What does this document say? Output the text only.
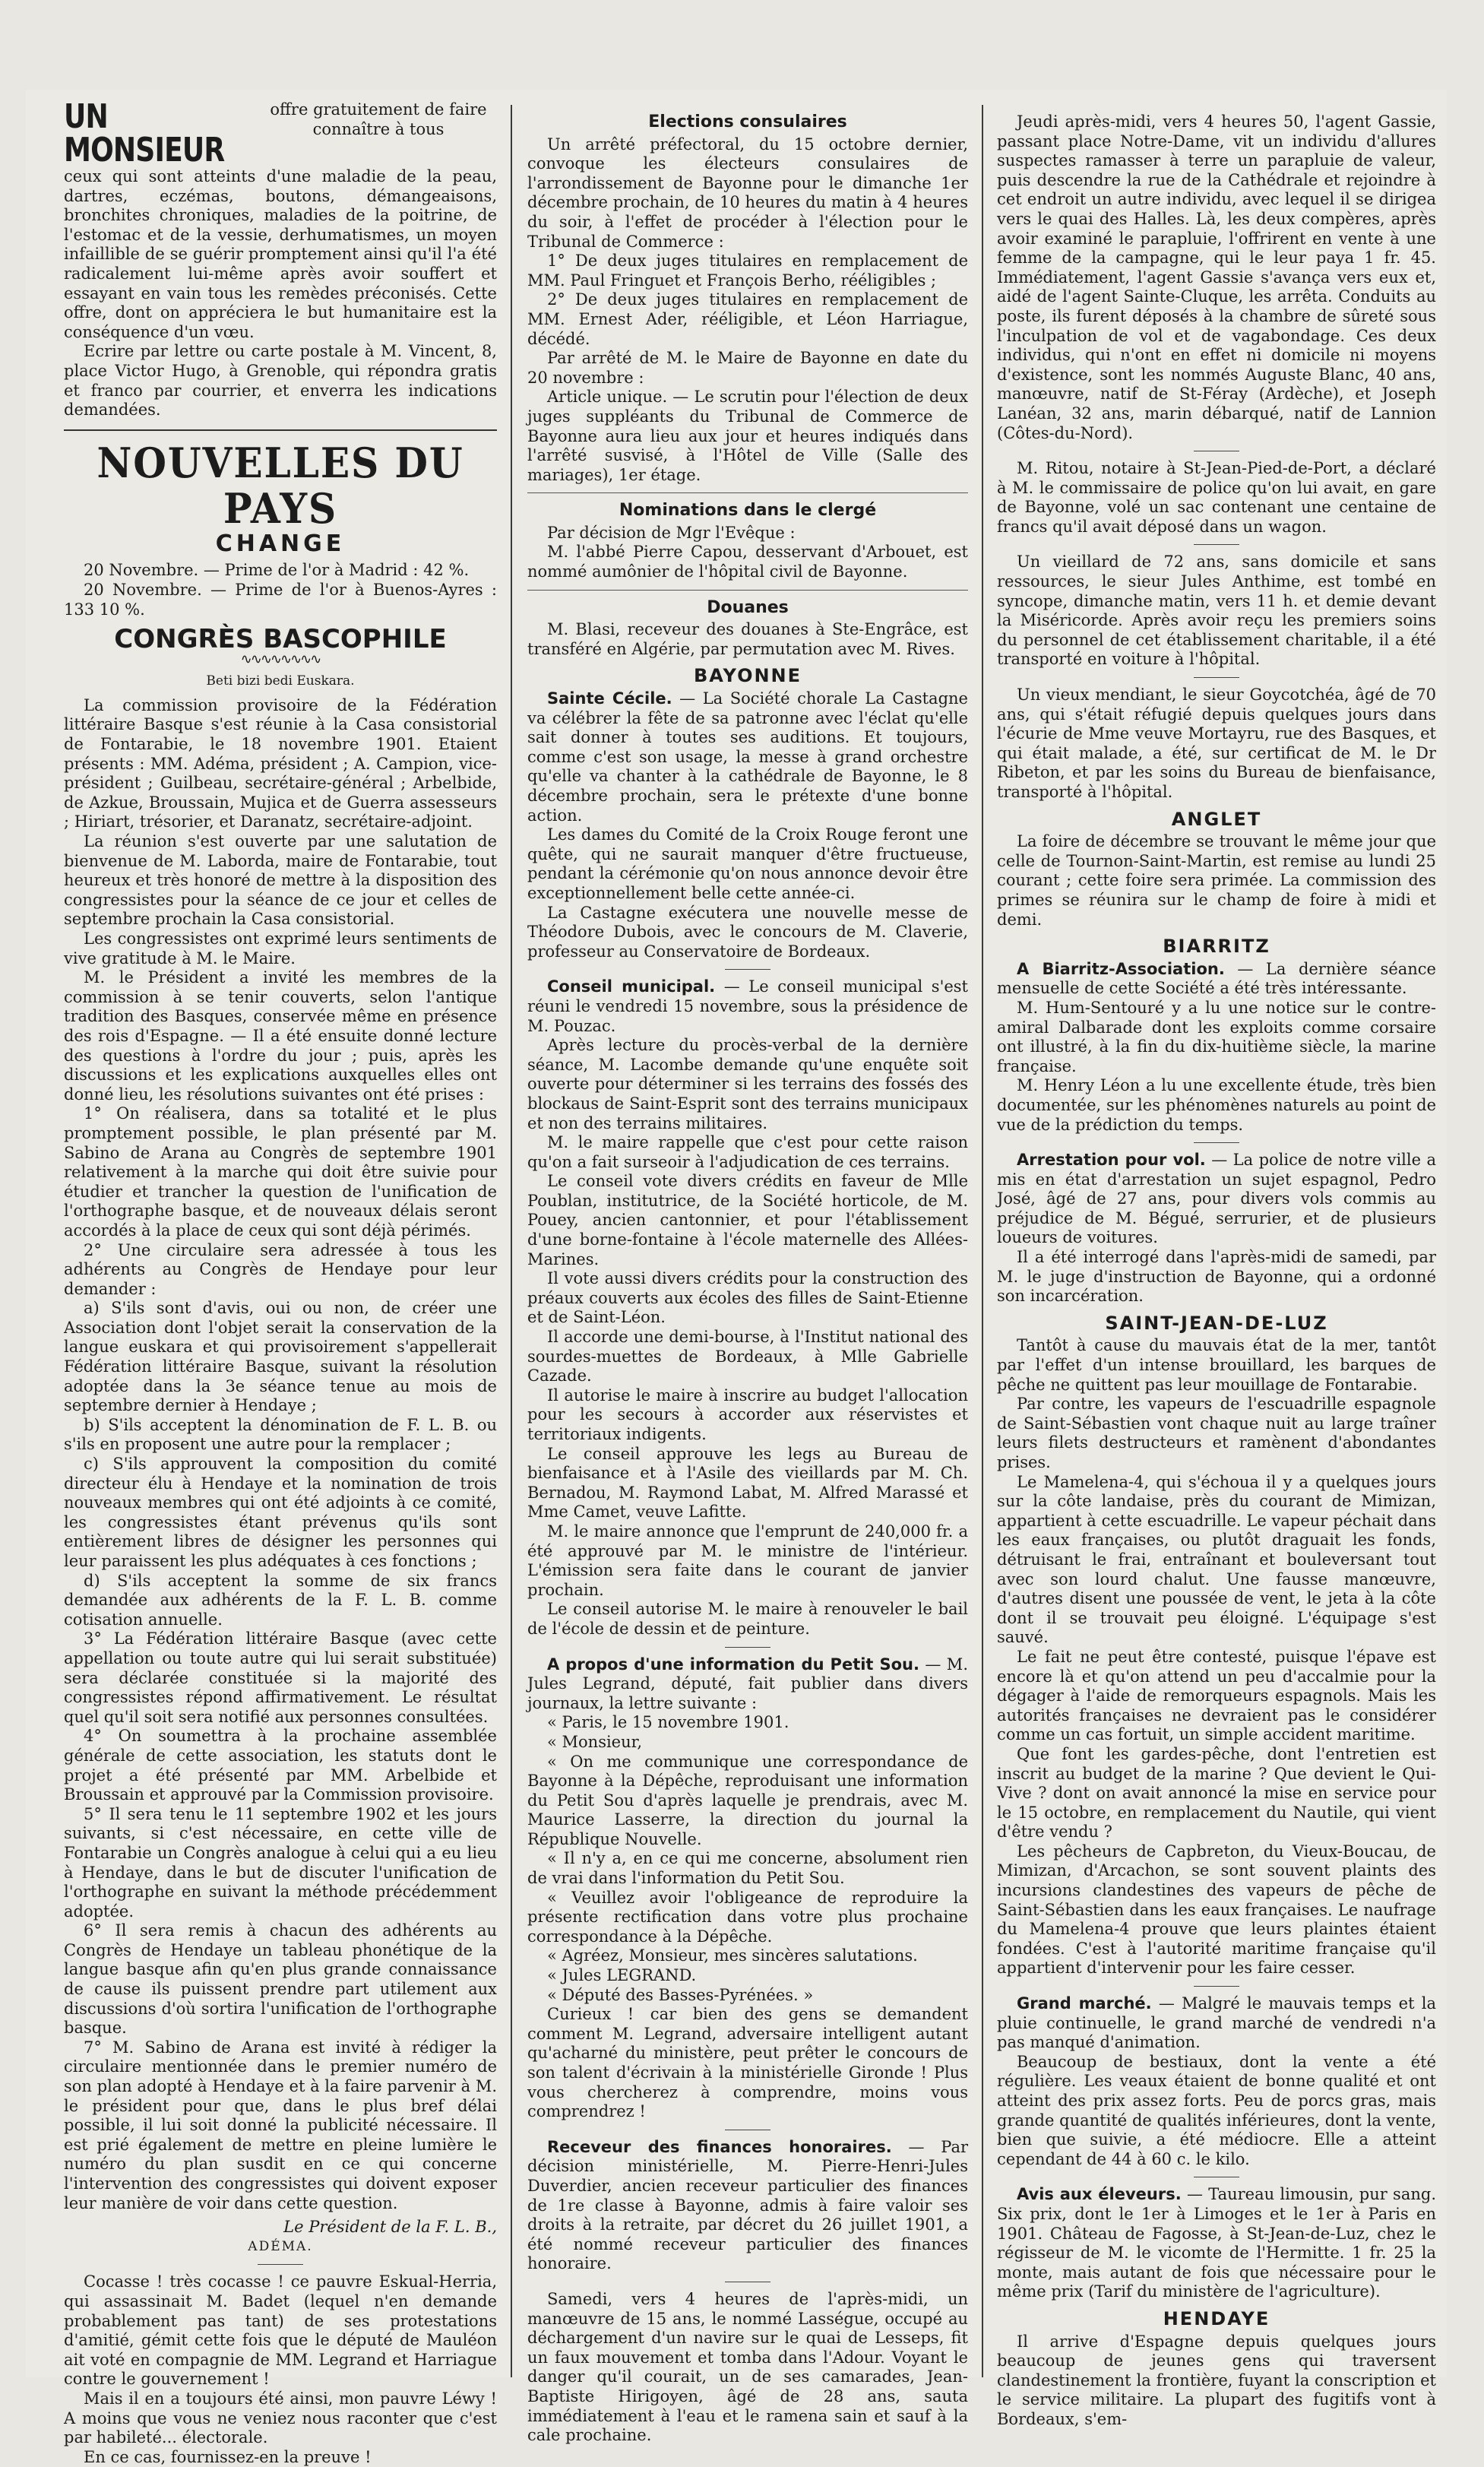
UN MONSIEUR

offre gratuitement de faire connaître à tous

ceux qui sont atteints d'une maladie de la peau, dartres, eczémas, boutons, démangeaisons, bronchites chroniques, maladies de la poitrine, de l'estomac et de la vessie, derhumatismes, un moyen infaillible de se guérir promptement ainsi qu'il l'a été radicalement lui-même après avoir souffert et essayant en vain tous les remèdes préconisés. Cette offre, dont on appréciera le but humanitaire est la conséquence d'un vœu.

Ecrire par lettre ou carte postale à M. Vincent, 8, place Victor Hugo, à Grenoble, qui répondra gratis et franco par courrier, et enverra les indications demandées.

NOUVELLES DU PAYS
CHANGE

20 Novembre. — Prime de l'or à Madrid : 42 %.

20 Novembre. — Prime de l'or à Buenos-Ayres : 133 10 %.

CONGRÈS BASCOPHILE
∿∿∿∿∿∿∿∿
Beti bizi bedi Euskara.

La commission provisoire de la Fédération littéraire Basque s'est réunie à la Casa consistorial de Fontarabie, le 18 novembre 1901. Etaient présents : MM. Adéma, président ; A. Campion, vice-président ; Guilbeau, secrétaire-général ; Arbelbide, de Azkue, Broussain, Mujica et de Guerra assesseurs ; Hiriart, trésorier, et Daranatz, secrétaire-adjoint.

La réunion s'est ouverte par une salutation de bienvenue de M. Laborda, maire de Fontarabie, tout heureux et très honoré de mettre à la disposition des congressistes pour la séance de ce jour et celles de septembre prochain la Casa consistorial.

Les congressistes ont exprimé leurs sentiments de vive gratitude à M. le Maire.

M. le Président a invité les membres de la commission à se tenir couverts, selon l'antique tradition des Basques, conservée même en présence des rois d'Espagne. — Il a été ensuite donné lecture des questions à l'ordre du jour ; puis, après les discussions et les explications auxquelles elles ont donné lieu, les résolutions suivantes ont été prises :

1° On réalisera, dans sa totalité et le plus promptement possible, le plan présenté par M. Sabino de Arana au Congrès de septembre 1901 relativement à la marche qui doit être suivie pour étudier et trancher la question de l'unification de l'orthographe basque, et de nouveaux délais seront accordés à la place de ceux qui sont déjà périmés.

2° Une circulaire sera adressée à tous les adhérents au Congrès de Hendaye pour leur demander :

a) S'ils sont d'avis, oui ou non, de créer une Association dont l'objet serait la conservation de la langue euskara et qui provisoirement s'appellerait Fédération littéraire Basque, suivant la résolution adoptée dans la 3e séance tenue au mois de septembre dernier à Hendaye ;

b) S'ils acceptent la dénomination de F. L. B. ou s'ils en proposent une autre pour la remplacer ;

c) S'ils approuvent la composition du comité directeur élu à Hendaye et la nomination de trois nouveaux membres qui ont été adjoints à ce comité, les congressistes étant prévenus qu'ils sont entièrement libres de désigner les personnes qui leur paraissent les plus adéquates à ces fonctions ;

d) S'ils acceptent la somme de six francs demandée aux adhérents de la F. L. B. comme cotisation annuelle.

3° La Fédération littéraire Basque (avec cette appellation ou toute autre qui lui serait substituée) sera déclarée constituée si la majorité des congressistes répond affirmativement. Le résultat quel qu'il soit sera notifié aux personnes consultées.

4° On soumettra à la prochaine assemblée générale de cette association, les statuts dont le projet a été présenté par MM. Arbelbide et Broussain et approuvé par la Commission provisoire.

5° Il sera tenu le 11 septembre 1902 et les jours suivants, si c'est nécessaire, en cette ville de Fontarabie un Congrès analogue à celui qui a eu lieu à Hendaye, dans le but de discuter l'unification de l'orthographe en suivant la méthode précédemment adoptée.

6° Il sera remis à chacun des adhérents au Congrès de Hendaye un tableau phonétique de la langue basque afin qu'en plus grande connaissance de cause ils puissent prendre part utilement aux discussions d'où sortira l'unification de l'orthographe basque.

7° M. Sabino de Arana est invité à rédiger la circulaire mentionnée dans le premier numéro de son plan adopté à Hendaye et à la faire parvenir à M. le président pour que, dans le plus bref délai possible, il lui soit donné la publicité nécessaire. Il est prié également de mettre en pleine lumière le numéro du plan susdit en ce qui concerne l'intervention des congressistes qui doivent exposer leur manière de voir dans cette question.

Le Président de la F. L. B.,
ADÉMA.

Cocasse ! très cocasse ! ce pauvre Eskual-Herria, qui assassinait M. Badet (lequel n'en demande probablement pas tant) de ses protestations d'amitié, gémit cette fois que le député de Mauléon ait voté en compagnie de MM. Legrand et Harriague contre le gouvernement !

Mais il en a toujours été ainsi, mon pauvre Léwy ! A moins que vous ne veniez nous raconter que c'est par habileté... électorale.

En ce cas, fournissez-en la preuve !

Elections consulaires

Un arrêté préfectoral, du 15 octobre dernier, convoque les électeurs consulaires de l'arrondissement de Bayonne pour le dimanche 1er décembre prochain, de 10 heures du matin à 4 heures du soir, à l'effet de procéder à l'élection pour le Tribunal de Commerce :

1° De deux juges titulaires en remplacement de MM. Paul Fringuet et François Berho, rééligibles ;

2° De deux juges titulaires en remplacement de MM. Ernest Ader, rééligible, et Léon Harriague, décédé.

Par arrêté de M. le Maire de Bayonne en date du 20 novembre :

Article unique. — Le scrutin pour l'élection de deux juges suppléants du Tribunal de Commerce de Bayonne aura lieu aux jour et heures indiqués dans l'arrêté susvisé, à l'Hôtel de Ville (Salle des mariages), 1er étage.

Nominations dans le clergé

Par décision de Mgr l'Evêque :

M. l'abbé Pierre Capou, desservant d'Arbouet, est nommé aumônier de l'hôpital civil de Bayonne.

Douanes

M. Blasi, receveur des douanes à Ste-Engrâce, est transféré en Algérie, par permutation avec M. Rives.

BAYONNE

Sainte Cécile. — La Société chorale La Castagne va célébrer la fête de sa patronne avec l'éclat qu'elle sait donner à toutes ses auditions. Et toujours, comme c'est son usage, la messe à grand orchestre qu'elle va chanter à la cathédrale de Bayonne, le 8 décembre prochain, sera le prétexte d'une bonne action.

Les dames du Comité de la Croix Rouge feront une quête, qui ne saurait manquer d'être fructueuse, pendant la cérémonie qu'on nous annonce devoir être exceptionnellement belle cette année-ci.

La Castagne exécutera une nouvelle messe de Théodore Dubois, avec le concours de M. Claverie, professeur au Conservatoire de Bordeaux.

Conseil municipal. — Le conseil municipal s'est réuni le vendredi 15 novembre, sous la présidence de M. Pouzac.

Après lecture du procès-verbal de la dernière séance, M. Lacombe demande qu'une enquête soit ouverte pour déterminer si les terrains des fossés des blockaus de Saint-Esprit sont des terrains municipaux et non des terrains militaires.

M. le maire rappelle que c'est pour cette raison qu'on a fait surseoir à l'adjudication de ces terrains.

Le conseil vote divers crédits en faveur de Mlle Poublan, institutrice, de la Société horticole, de M. Pouey, ancien cantonnier, et pour l'établissement d'une borne-fontaine à l'école maternelle des Allées-Marines.

Il vote aussi divers crédits pour la construction des préaux couverts aux écoles des filles de Saint-Etienne et de Saint-Léon.

Il accorde une demi-bourse, à l'Institut national des sourdes-muettes de Bordeaux, à Mlle Gabrielle Cazade.

Il autorise le maire à inscrire au budget l'allocation pour les secours à accorder aux réservistes et territoriaux indigents.

Le conseil approuve les legs au Bureau de bienfaisance et à l'Asile des vieillards par M. Ch. Bernadou, M. Raymond Labat, M. Alfred Marassé et Mme Camet, veuve Lafitte.

M. le maire annonce que l'emprunt de 240,000 fr. a été approuvé par M. le ministre de l'intérieur. L'émission sera faite dans le courant de janvier prochain.

Le conseil autorise M. le maire à renouveler le bail de l'école de dessin et de peinture.

A propos d'une information du Petit Sou. — M. Jules Legrand, député, fait publier dans divers journaux, la lettre suivante :

« Paris, le 15 novembre 1901.

« Monsieur,

« On me communique une correspondance de Bayonne à la Dépêche, reproduisant une information du Petit Sou d'après laquelle je prendrais, avec M. Maurice Lasserre, la direction du journal la République Nouvelle.

« Il n'y a, en ce qui me concerne, absolument rien de vrai dans l'information du Petit Sou.

« Veuillez avoir l'obligeance de reproduire la présente rectification dans votre plus prochaine correspondance à la Dépêche.

« Agréez, Monsieur, mes sincères salutations.

« Jules LEGRAND.

« Député des Basses-Pyrénées. »

Curieux ! car bien des gens se demandent comment M. Legrand, adversaire intelligent autant qu'acharné du ministère, peut prêter le concours de son talent d'écrivain à la ministérielle Gironde ! Plus vous chercherez à comprendre, moins vous comprendrez !

Receveur des finances honoraires. — Par décision ministérielle, M. Pierre-Henri-Jules Duverdier, ancien receveur particulier des finances de 1re classe à Bayonne, admis à faire valoir ses droits à la retraite, par décret du 26 juillet 1901, a été nommé receveur particulier des finances honoraire.

Samedi, vers 4 heures de l'après-midi, un manœuvre de 15 ans, le nommé Lasségue, occupé au déchargement d'un navire sur le quai de Lesseps, fit un faux mouvement et tomba dans l'Adour. Voyant le danger qu'il courait, un de ses camarades, Jean-Baptiste Hirigoyen, âgé de 28 ans, sauta immédiatement à l'eau et le ramena sain et sauf à la cale prochaine.

Jeudi après-midi, vers 4 heures 50, l'agent Gassie, passant place Notre-Dame, vit un individu d'allures suspectes ramasser à terre un parapluie de valeur, puis descendre la rue de la Cathédrale et rejoindre à cet endroit un autre individu, avec lequel il se dirigea vers le quai des Halles. Là, les deux compères, après avoir examiné le parapluie, l'offrirent en vente à une femme de la campagne, qui le leur paya 1 fr. 45. Immédiatement, l'agent Gassie s'avança vers eux et, aidé de l'agent Sainte-Cluque, les arrêta. Conduits au poste, ils furent déposés à la chambre de sûreté sous l'inculpation de vol et de vagabondage. Ces deux individus, qui n'ont en effet ni domicile ni moyens d'existence, sont les nommés Auguste Blanc, 40 ans, manœuvre, natif de St-Féray (Ardèche), et Joseph Lanéan, 32 ans, marin débarqué, natif de Lannion (Côtes-du-Nord).

M. Ritou, notaire à St-Jean-Pied-de-Port, a déclaré à M. le commissaire de police qu'on lui avait, en gare de Bayonne, volé un sac contenant une centaine de francs qu'il avait déposé dans un wagon.

Un vieillard de 72 ans, sans domicile et sans ressources, le sieur Jules Anthime, est tombé en syncope, dimanche matin, vers 11 h. et demie devant la Miséricorde. Après avoir reçu les premiers soins du personnel de cet établissement charitable, il a été transporté en voiture à l'hôpital.

Un vieux mendiant, le sieur Goycotchéa, âgé de 70 ans, qui s'était réfugié depuis quelques jours dans l'écurie de Mme veuve Mortayru, rue des Basques, et qui était malade, a été, sur certificat de M. le Dr Ribeton, et par les soins du Bureau de bienfaisance, transporté à l'hôpital.

ANGLET

La foire de décembre se trouvant le même jour que celle de Tournon-Saint-Martin, est remise au lundi 25 courant ; cette foire sera primée. La commission des primes se réunira sur le champ de foire à midi et demi.

BIARRITZ

A Biarritz-Association. — La dernière séance mensuelle de cette Société a été très intéressante.

M. Hum-Sentouré y a lu une notice sur le contre-amiral Dalbarade dont les exploits comme corsaire ont illustré, à la fin du dix-huitième siècle, la marine française.

M. Henry Léon a lu une excellente étude, très bien documentée, sur les phénomènes naturels au point de vue de la prédiction du temps.

Arrestation pour vol. — La police de notre ville a mis en état d'arrestation un sujet espagnol, Pedro José, âgé de 27 ans, pour divers vols commis au préjudice de M. Bégué, serrurier, et de plusieurs loueurs de voitures.

Il a été interrogé dans l'après-midi de samedi, par M. le juge d'instruction de Bayonne, qui a ordonné son incarcération.

SAINT-JEAN-DE-LUZ

Tantôt à cause du mauvais état de la mer, tantôt par l'effet d'un intense brouillard, les barques de pêche ne quittent pas leur mouillage de Fontarabie.

Par contre, les vapeurs de l'escuadrille espagnole de Saint-Sébastien vont chaque nuit au large traîner leurs filets destructeurs et ramènent d'abondantes prises.

Le Mamelena-4, qui s'échoua il y a quelques jours sur la côte landaise, près du courant de Mimizan, appartient à cette escuadrille. Le vapeur péchait dans les eaux françaises, ou plutôt draguait les fonds, détruisant le frai, entraînant et bouleversant tout avec son lourd chalut. Une fausse manœuvre, d'autres disent une poussée de vent, le jeta à la côte dont il se trouvait peu éloigné. L'équipage s'est sauvé.

Le fait ne peut être contesté, puisque l'épave est encore là et qu'on attend un peu d'accalmie pour la dégager à l'aide de remorqueurs espagnols. Mais les autorités françaises ne devraient pas le considérer comme un cas fortuit, un simple accident maritime.

Que font les gardes-pêche, dont l'entretien est inscrit au budget de la marine ? Que devient le Qui-Vive ? dont on avait annoncé la mise en service pour le 15 octobre, en remplacement du Nautile, qui vient d'être vendu ?

Les pêcheurs de Capbreton, du Vieux-Boucau, de Mimizan, d'Arcachon, se sont souvent plaints des incursions clandestines des vapeurs de pêche de Saint-Sébastien dans les eaux françaises. Le naufrage du Mamelena-4 prouve que leurs plaintes étaient fondées. C'est à l'autorité maritime française qu'il appartient d'intervenir pour les faire cesser.

Grand marché. — Malgré le mauvais temps et la pluie continuelle, le grand marché de vendredi n'a pas manqué d'animation.

Beaucoup de bestiaux, dont la vente a été régulière. Les veaux étaient de bonne qualité et ont atteint des prix assez forts. Peu de porcs gras, mais grande quantité de qualités inférieures, dont la vente, bien que suivie, a été médiocre. Elle a atteint cependant de 44 à 60 c. le kilo.

Avis aux éleveurs. — Taureau limousin, pur sang. Six prix, dont le 1er à Limoges et le 1er à Paris en 1901. Château de Fagosse, à St-Jean-de-Luz, chez le régisseur de M. le vicomte de l'Hermitte. 1 fr. 25 la monte, mais autant de fois que nécessaire pour le même prix (Tarif du ministère de l'agriculture).

HENDAYE

Il arrive d'Espagne depuis quelques jours beaucoup de jeunes gens qui traversent clandestinement la frontière, fuyant la conscription et le service militaire. La plupart des fugitifs vont à Bordeaux, s'em-
